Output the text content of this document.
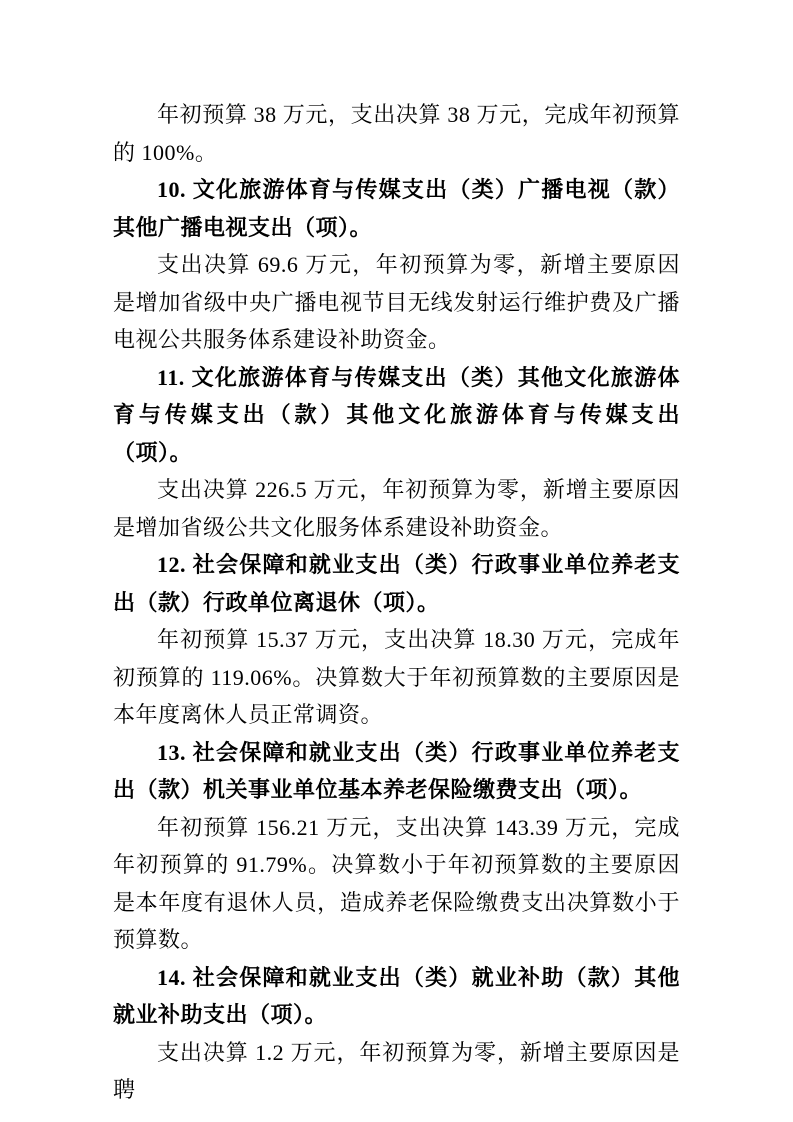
年初预算 38 万元，支出决算 38 万元，完成年初预算的 100%。

10. 文化旅游体育与传媒支出（类）广播电视（款）其他广播电视支出（项）。

支出决算 69.6 万元，年初预算为零，新增主要原因是增加省级中央广播电视节目无线发射运行维护费及广播电视公共服务体系建设补助资金。

11. 文化旅游体育与传媒支出（类）其他文化旅游体育与传媒支出（款）其他文化旅游体育与传媒支出（项）。

支出决算 226.5 万元，年初预算为零，新增主要原因是增加省级公共文化服务体系建设补助资金。

12. 社会保障和就业支出（类）行政事业单位养老支出（款）行政单位离退休（项）。

年初预算 15.37 万元，支出决算 18.30 万元，完成年初预算的 119.06%。决算数大于年初预算数的主要原因是本年度离休人员正常调资。

13. 社会保障和就业支出（类）行政事业单位养老支出（款）机关事业单位基本养老保险缴费支出（项）。

年初预算 156.21 万元，支出决算 143.39 万元，完成年初预算的 91.79%。决算数小于年初预算数的主要原因是本年度有退休人员，造成养老保险缴费支出决算数小于预算数。

14. 社会保障和就业支出（类）就业补助（款）其他就业补助支出（项）。

支出决算 1.2 万元，年初预算为零，新增主要原因是聘
